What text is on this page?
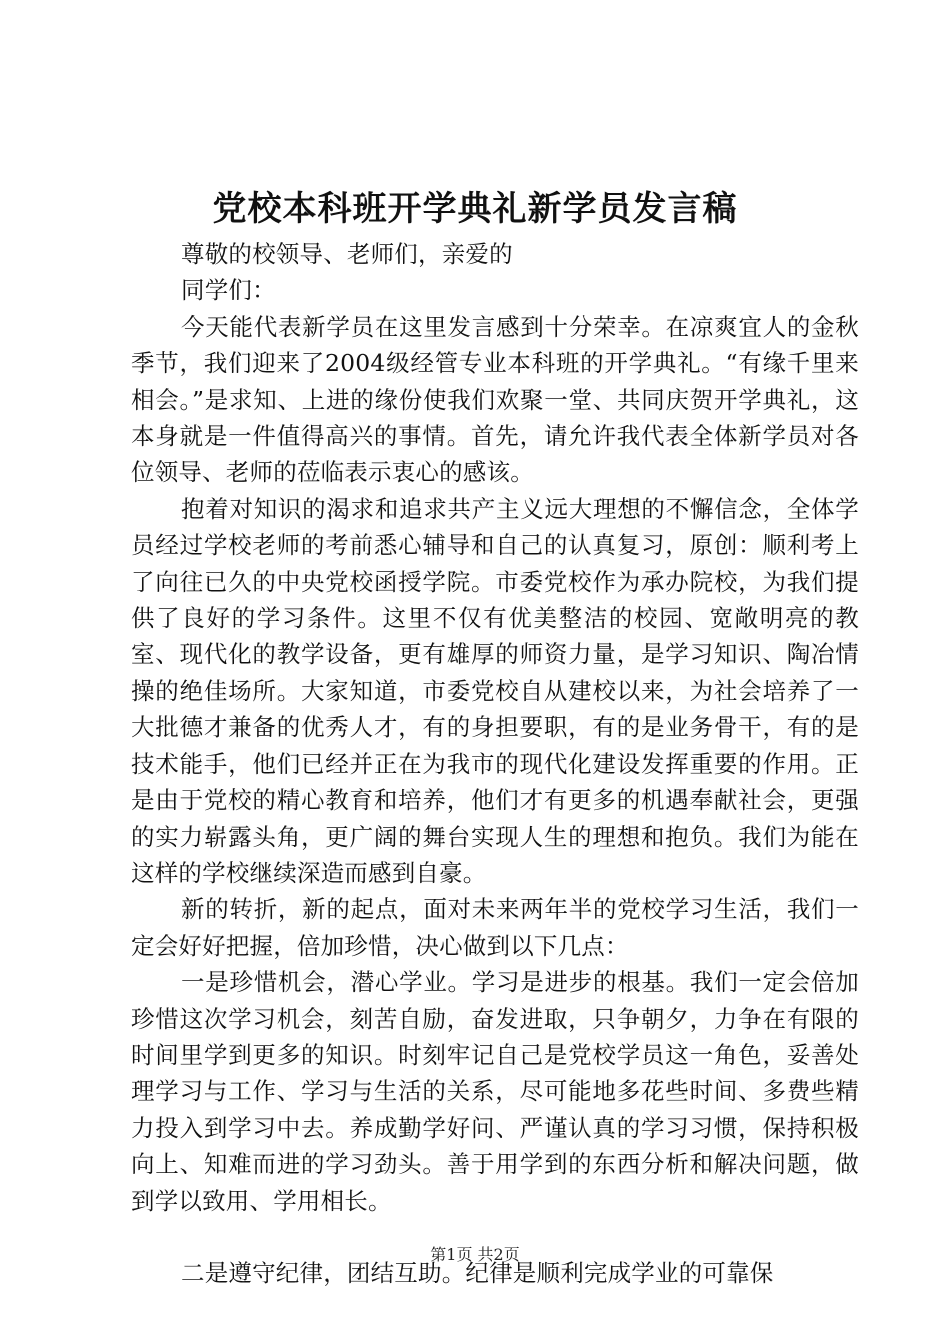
党校本科班开学典礼新学员发言稿

尊敬的校领导、老师们，亲爱的

同学们：

今天能代表新学员在这里发言感到十分荣幸。在凉爽宜人的金秋季节，我们迎来了2004级经管专业本科班的开学典礼。“有缘千里来相会。”是求知、上进的缘份使我们欢聚一堂、共同庆贺开学典礼，这本身就是一件值得高兴的事情。首先，请允许我代表全体新学员对各位领导、老师的莅临表示衷心的感该。

抱着对知识的渴求和追求共产主义远大理想的不懈信念，全体学员经过学校老师的考前悉心辅导和自己的认真复习，原创：顺利考上了向往已久的中央党校函授学院。市委党校作为承办院校，为我们提供了良好的学习条件。这里不仅有优美整洁的校园、宽敞明亮的教室、现代化的教学设备，更有雄厚的师资力量，是学习知识、陶冶情操的绝佳场所。大家知道，市委党校自从建校以来，为社会培养了一大批德才兼备的优秀人才，有的身担要职，有的是业务骨干，有的是技术能手，他们已经并正在为我市的现代化建设发挥重要的作用。正是由于党校的精心教育和培养，他们才有更多的机遇奉献社会，更强的实力崭露头角，更广阔的舞台实现人生的理想和抱负。我们为能在这样的学校继续深造而感到自豪。

新的转折，新的起点，面对未来两年半的党校学习生活，我们一定会好好把握，倍加珍惜，决心做到以下几点：

一是珍惜机会，潜心学业。学习是进步的根基。我们一定会倍加珍惜这次学习机会，刻苦自励，奋发进取，只争朝夕，力争在有限的时间里学到更多的知识。时刻牢记自己是党校学员这一角色，妥善处理学习与工作、学习与生活的关系，尽可能地多花些时间、多费些精力投入到学习中去。养成勤学好问、严谨认真的学习习惯，保持积极向上、知难而进的学习劲头。善于用学到的东西分析和解决问题，做到学以致用、学用相长。

二是遵守纪律，团结互助。纪律是顺利完成学业的可靠保

第1页 共2页
